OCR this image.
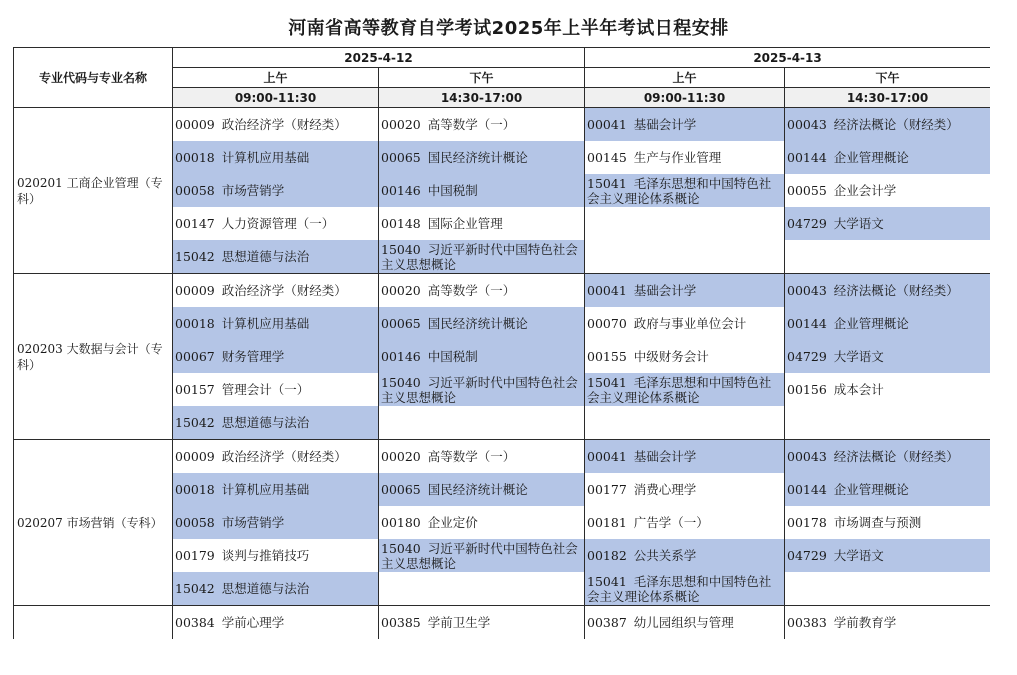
河南省高等教育自学考试2025年上半年考试日程安排
专业代码与专业名称	2025-4-12		2025-4-13	
	上午	下午	上午	下午
	09:00-11:30	14:30-17:00	09:00-11:30	14:30-17:00
020201 工商企业管理（专科）	00009 政治经济学（财经类）	00020 高等数学（一）	00041 基础会计学	00043 经济法概论（财经类）
	00018 计算机应用基础	00065 国民经济统计概论	00145 生产与作业管理	00144 企业管理概论
	00058 市场营销学	00146 中国税制	15041 毛泽东思想和中国特色社会主义理论体系概论	00055 企业会计学
	00147 人力资源管理（一）	00148 国际企业管理		04729 大学语文
	15042 思想道德与法治	15040 习近平新时代中国特色社会主义思想概论		
020203 大数据与会计（专科）	00009 政治经济学（财经类）	00020 高等数学（一）	00041 基础会计学	00043 经济法概论（财经类）
	00018 计算机应用基础	00065 国民经济统计概论	00070 政府与事业单位会计	00144 企业管理概论
	00067 财务管理学	00146 中国税制	00155 中级财务会计	04729 大学语文
	00157 管理会计（一）	15040 习近平新时代中国特色社会主义思想概论	15041 毛泽东思想和中国特色社会主义理论体系概论	00156 成本会计
	15042 思想道德与法治			
020207 市场营销（专科）	00009 政治经济学（财经类）	00020 高等数学（一）	00041 基础会计学	00043 经济法概论（财经类）
	00018 计算机应用基础	00065 国民经济统计概论	00177 消费心理学	00144 企业管理概论
	00058 市场营销学	00180 企业定价	00181 广告学（一）	00178 市场调查与预测
	00179 谈判与推销技巧	15040 习近平新时代中国特色社会主义思想概论	00182 公共关系学	04729 大学语文
	15042 思想道德与法治		15041 毛泽东思想和中国特色社会主义理论体系概论	
	00384 学前心理学	00385 学前卫生学	00387 幼儿园组织与管理	00383 学前教育学
